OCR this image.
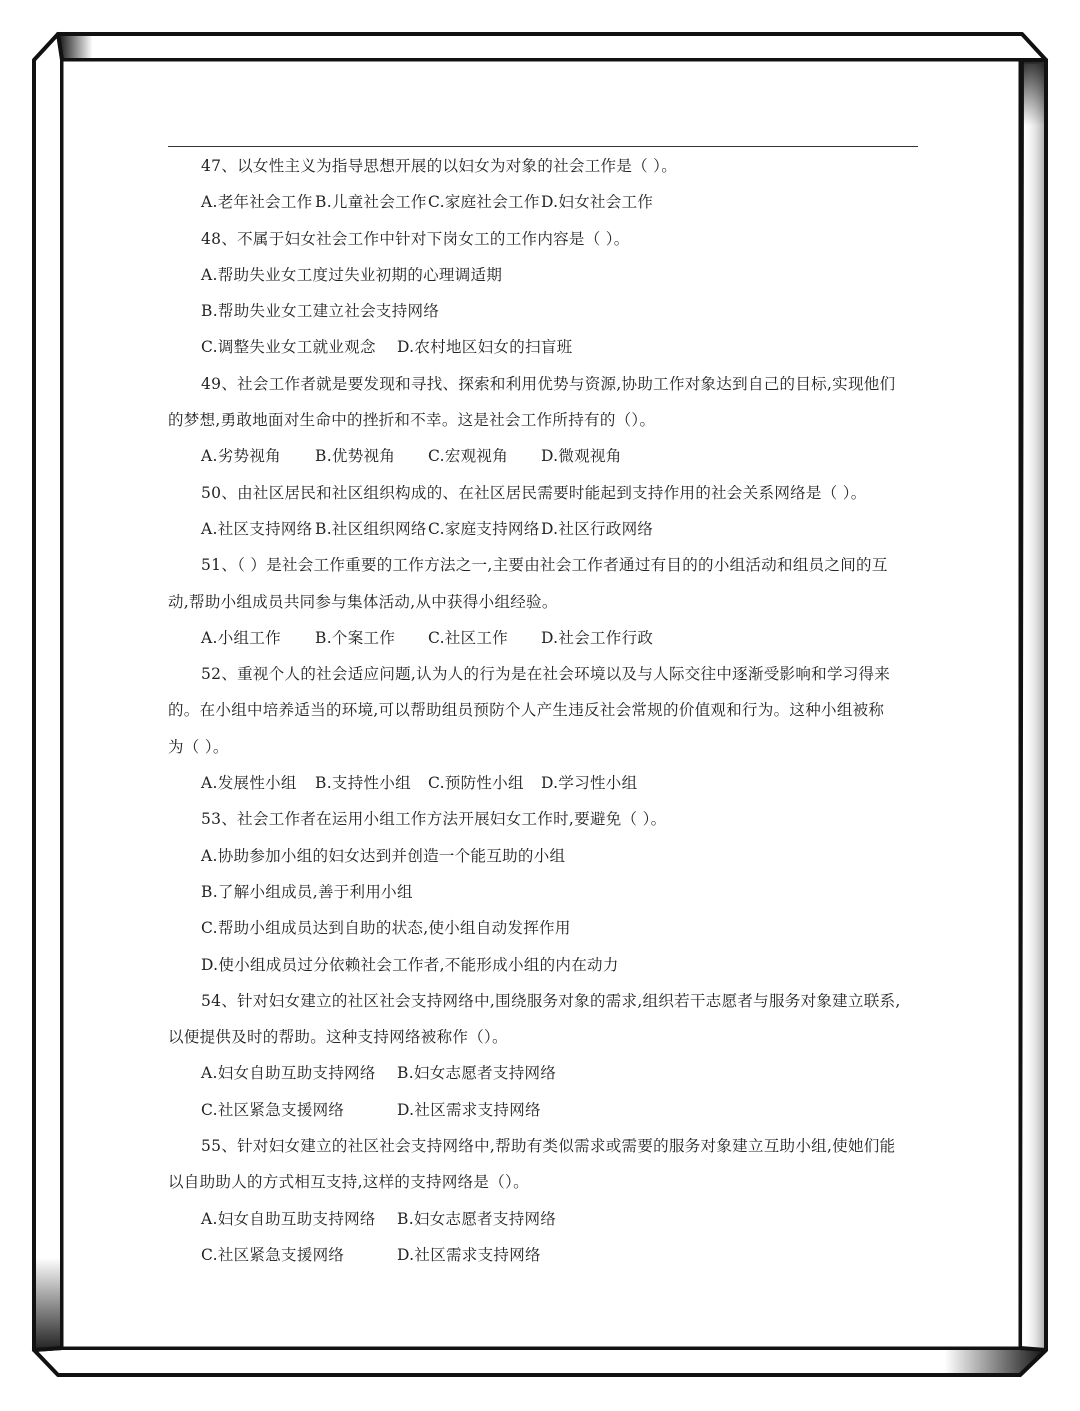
47、以女性主义为指导思想开展的以妇女为对象的社会工作是（ ）。
A.老年社会工作 B.儿童社会工作C.家庭社会工作D.妇女社会工作
48、不属于妇女社会工作中针对下岗女工的工作内容是（ ）。
A.帮助失业女工度过失业初期的心理调适期
B.帮助失业女工建立社会支持网络
C.调整失业女工就业观念 D.农村地区妇女的扫盲班
49、社会工作者就是要发现和寻找、探索和利用优势与资源,协助工作对象达到自己的目标,实现他们
的梦想,勇敢地面对生命中的挫折和不幸。这是社会工作所持有的（）。
A.劣势视角 B.优势视角 C.宏观视角 D.微观视角
50、由社区居民和社区组织构成的、在社区居民需要时能起到支持作用的社会关系网络是（ ）。
A.社区支持网络 B.社区组织网络C.家庭支持网络D.社区行政网络
51、（ ）是社会工作重要的工作方法之一,主要由社会工作者通过有目的的小组活动和组员之间的互
动,帮助小组成员共同参与集体活动,从中获得小组经验。
A.小组工作 B.个案工作 C.社区工作 D.社会工作行政
52、重视个人的社会适应问题,认为人的行为是在社会环境以及与人际交往中逐渐受影响和学习得来
的。在小组中培养适当的环境,可以帮助组员预防个人产生违反社会常规的价值观和行为。这种小组被称
为（ ）。
A.发展性小组 B.支持性小组 C.预防性小组 D.学习性小组
53、社会工作者在运用小组工作方法开展妇女工作时,要避免（ ）。
A.协助参加小组的妇女达到并创造一个能互助的小组
B.了解小组成员,善于利用小组
C.帮助小组成员达到自助的状态,使小组自动发挥作用
D.使小组成员过分依赖社会工作者,不能形成小组的内在动力
54、针对妇女建立的社区社会支持网络中,围绕服务对象的需求,组织若干志愿者与服务对象建立联系,
以便提供及时的帮助。这种支持网络被称作（）。
A.妇女自助互助支持网络 B.妇女志愿者支持网络
C.社区紧急支援网络	D.社区需求支持网络
55、针对妇女建立的社区社会支持网络中,帮助有类似需求或需要的服务对象建立互助小组,使她们能
以自助助人的方式相互支持,这样的支持网络是（）。
A.妇女自助互助支持网络 B.妇女志愿者支持网络
C.社区紧急支援网络	D.社区需求支持网络
